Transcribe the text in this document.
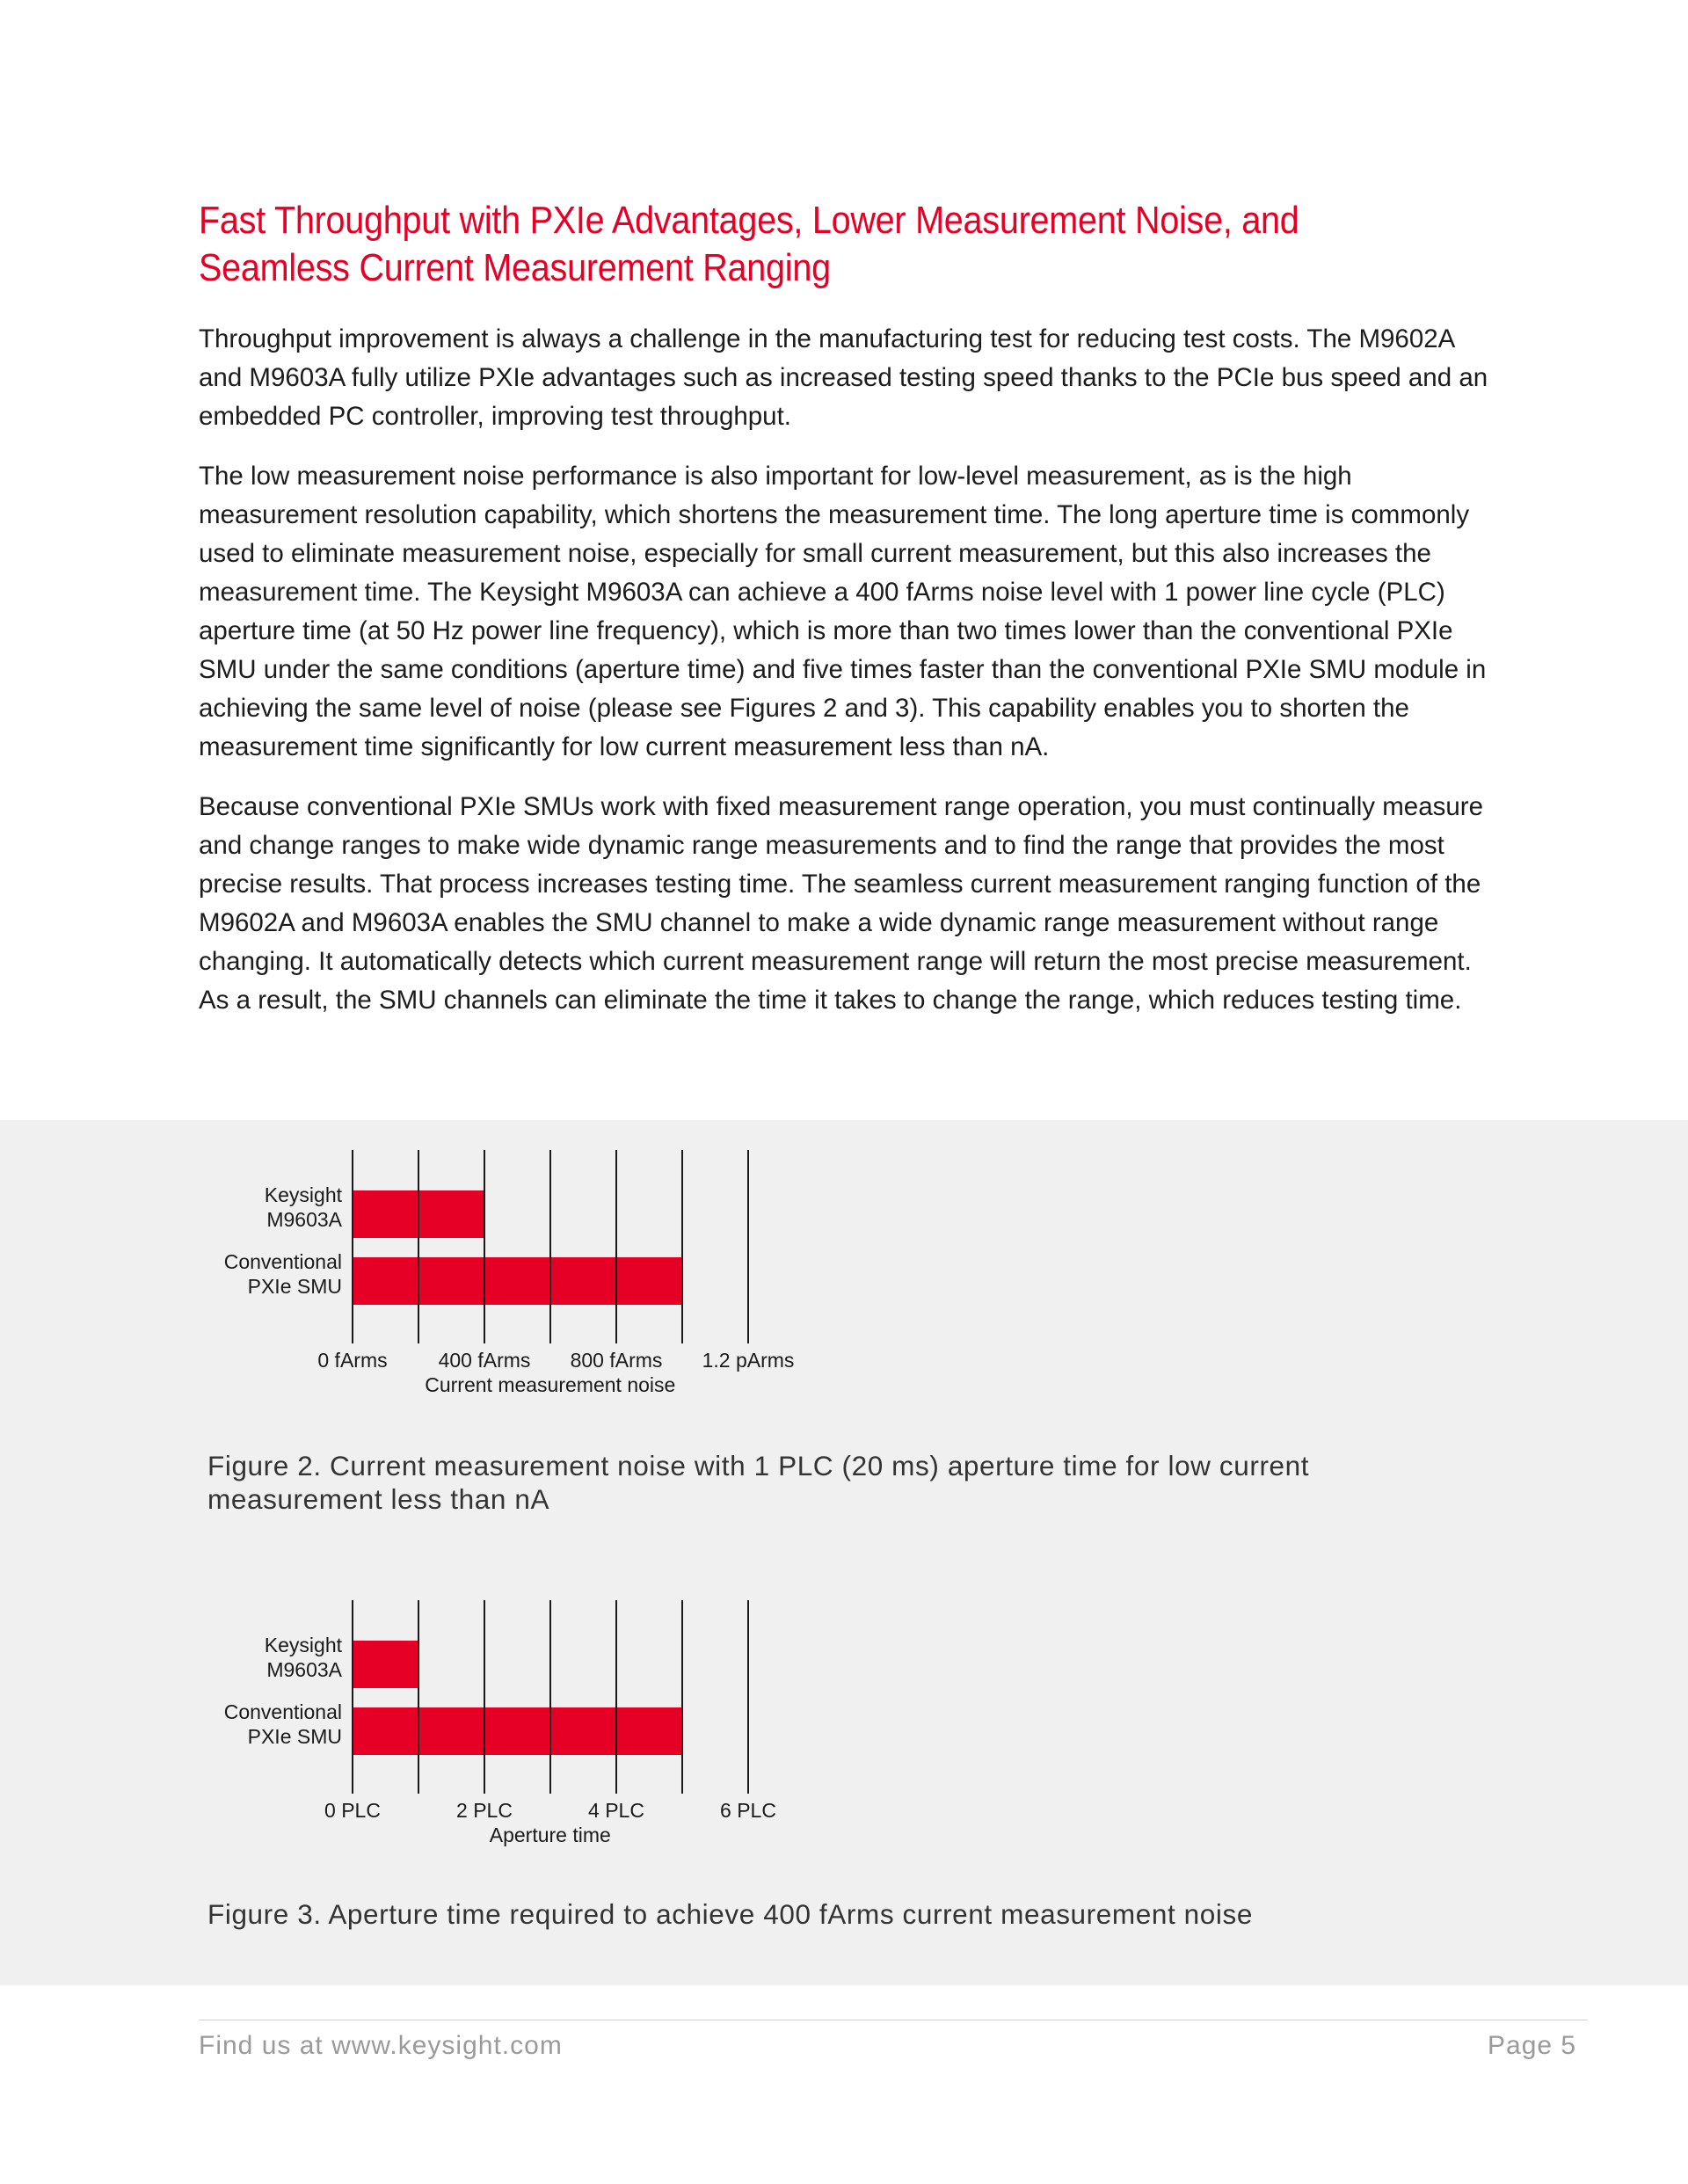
Fast Throughput with PXIe Advantages, Lower Measurement Noise, and Seamless Current Measurement Ranging

Throughput improvement is always a challenge in the manufacturing test for reducing test costs. The M9602A and M9603A fully utilize PXIe advantages such as increased testing speed thanks to the PCIe bus speed and an embedded PC controller, improving test throughput.

The low measurement noise performance is also important for low-level measurement, as is the high measurement resolution capability, which shortens the measurement time. The long aperture time is commonly used to eliminate measurement noise, especially for small current measurement, but this also increases the measurement time. The Keysight M9603A can achieve a 400 fArms noise level with 1 power line cycle (PLC) aperture time (at 50 Hz power line frequency), which is more than two times lower than the conventional PXIe SMU under the same conditions (aperture time) and five times faster than the conventional PXIe SMU module in achieving the same level of noise (please see Figures 2 and 3). This capability enables you to shorten the measurement time significantly for low current measurement less than nA.

Because conventional PXIe SMUs work with fixed measurement range operation, you must continually measure and change ranges to make wide dynamic range measurements and to find the range that provides the most precise results. That process increases testing time. The seamless current measurement ranging function of the M9602A and M9603A enables the SMU channel to make a wide dynamic range measurement without range changing. It automatically detects which current measurement range will return the most precise measurement. As a result, the SMU channels can eliminate the time it takes to change the range, which reduces testing time.

Keysight
M9603A
Conventional
PXIe SMU
0 fArms	400 fArms 800 fArms 1.2 pArms
Current measurement noise
Figure 2. Current measurement noise with 1 PLC (20 ms) aperture time for low current measurement less than nA
Keysight
M9603A
Conventional
PXIe SMU
0 PLC	2 PLC	4 PLC	6 PLC
Aperture time
Figure 3. Aperture time required to achieve 400 fArms current measurement noise
Find us at www.keysight.com	Page 5
